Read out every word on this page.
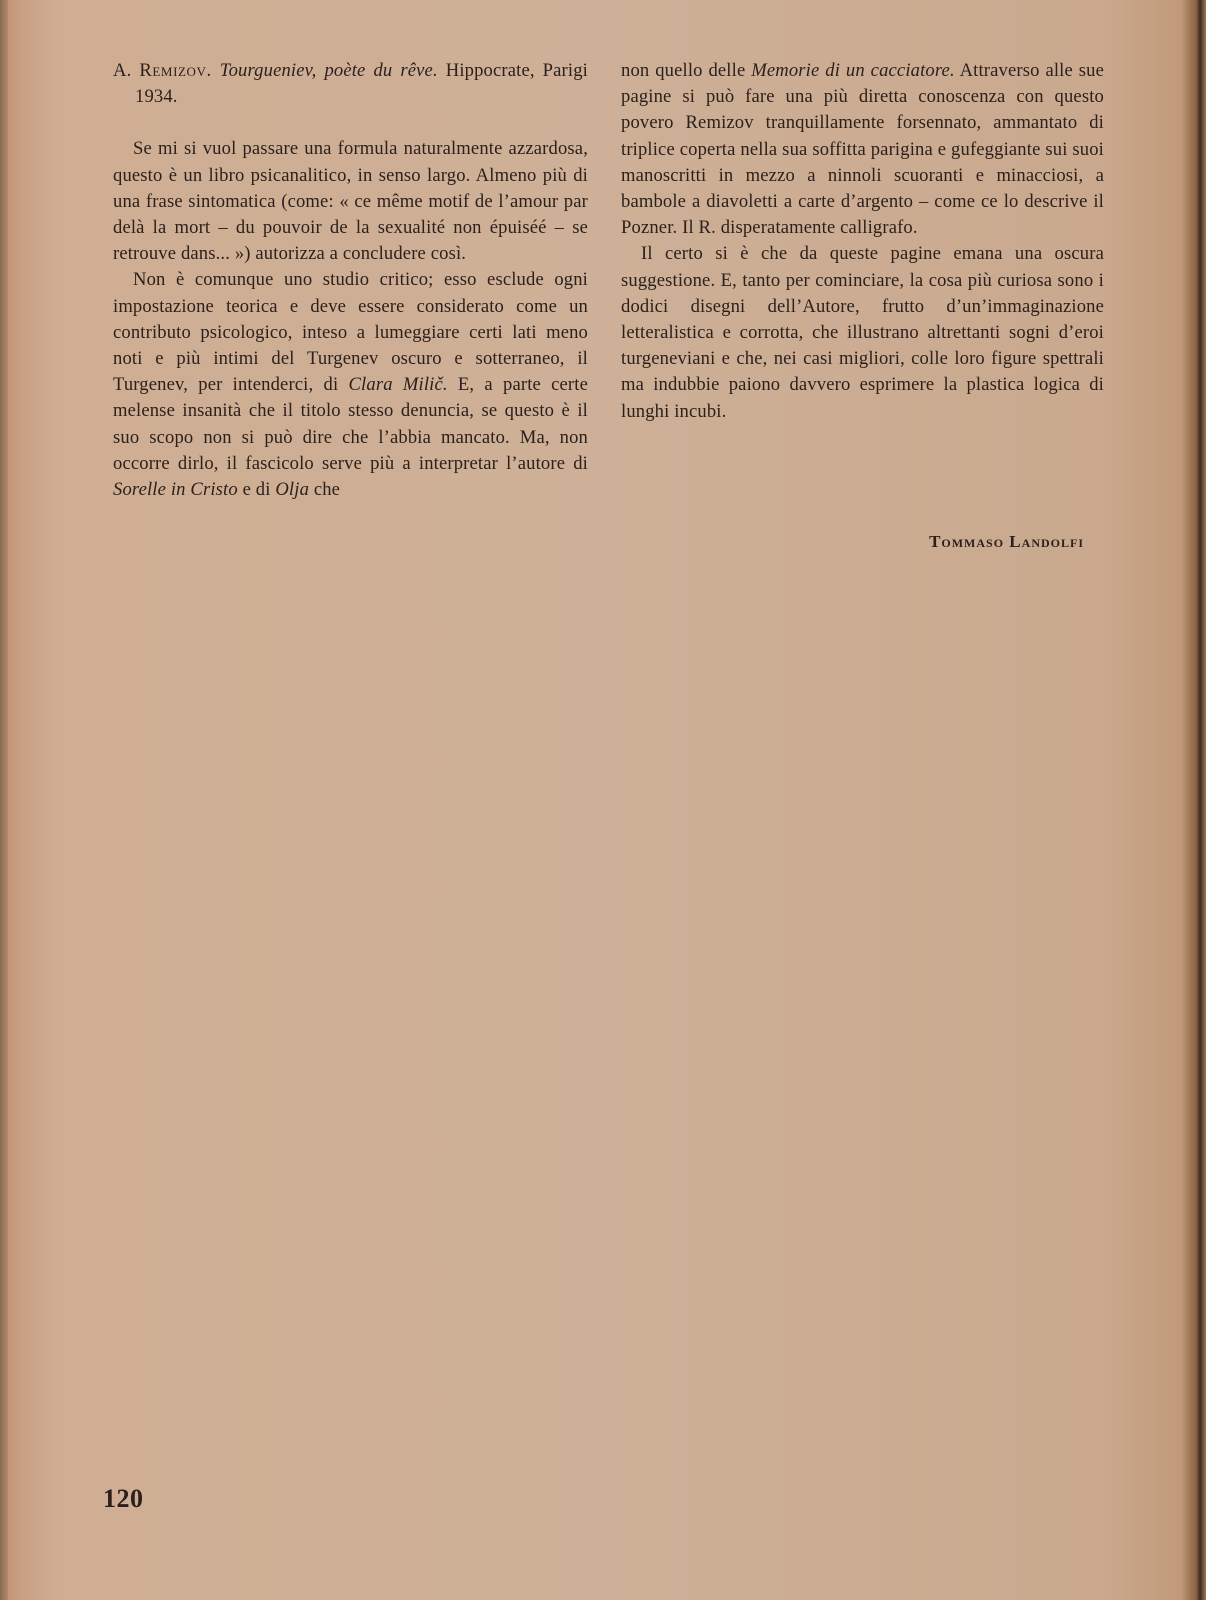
A. Remizov. Tourgueniev, poète du rêve. Hippocrate, Parigi 1934.

Se mi si vuol passare una formula naturalmente azzardosa, questo è un libro psicanalitico, in senso largo. Almeno più di una frase sintomatica (come: « ce même motif de l’amour par delà la mort – du pouvoir de la sexualité non épuiséé – se retrouve dans... ») autorizza a concludere così.

Non è comunque uno studio critico; esso esclude ogni impostazione teorica e deve essere considerato come un contributo psicologico, inteso a lumeggiare certi lati meno noti e più intimi del Turgenev oscuro e sotterraneo, il Turgenev, per intenderci, di Clara Milič. E, a parte certe melense insanità che il titolo stesso denuncia, se questo è il suo scopo non si può dire che l’abbia mancato. Ma, non occorre dirlo, il fascicolo serve più a interpretar l’autore di Sorelle in Cristo e di Olja che

non quello delle Memorie di un cacciatore. Attraverso alle sue pagine si può fare una più diretta conoscenza con questo povero Remizov tranquillamente forsennato, ammantato di triplice coperta nella sua soffitta parigina e gufeggiante sui suoi manoscritti in mezzo a ninnoli scuoranti e minacciosi, a bambole a diavoletti a carte d’argento – come ce lo descrive il Pozner. Il R. disperatamente calligrafo.

Il certo si è che da queste pagine emana una oscura suggestione. E, tanto per cominciare, la cosa più curiosa sono i dodici disegni dell’Autore, frutto d’un’immaginazione letteralistica e corrotta, che illustrano altrettanti sogni d’eroi turgeneviani e che, nei casi migliori, colle loro figure spettrali ma indubbie paiono davvero esprimere la plastica logica di lunghi incubi.

Tommaso Landolfi
120
